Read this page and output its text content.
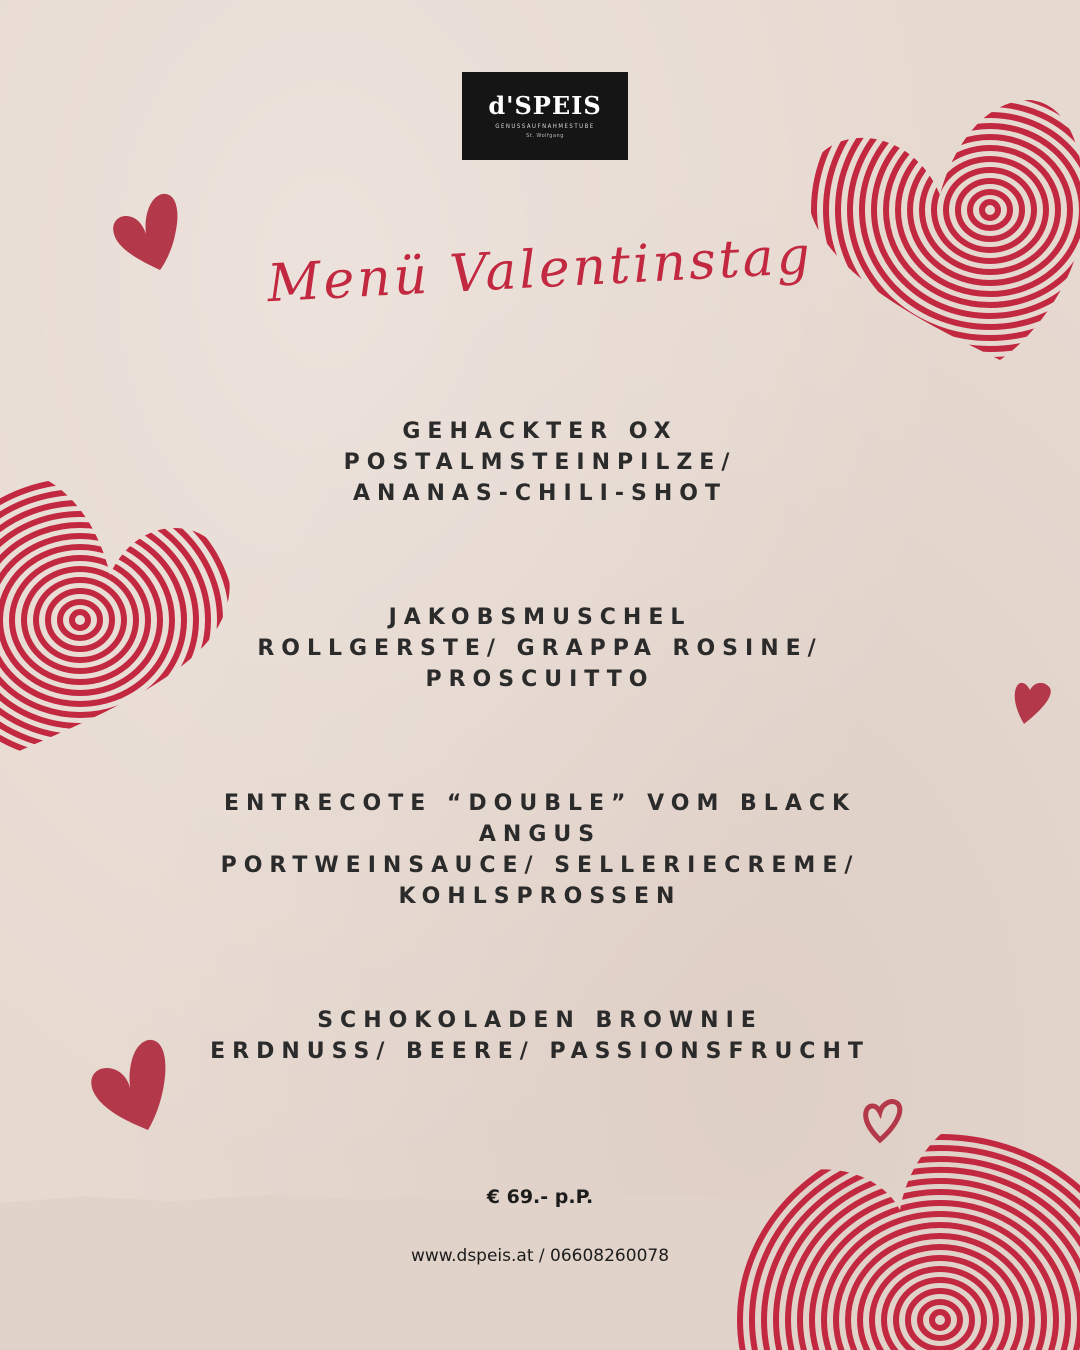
d'SPEIS
GENUSSAUFNAHMESTUBE
St. Wolfgang
Menü Valentinstag
GEHACKTER OX
POSTALMSTEINPILZE/
ANANAS-CHILI-SHOT
JAKOBSMUSCHEL
ROLLGERSTE/ GRAPPA ROSINE/
PROSCUITTO
ENTRECOTE “DOUBLE” VOM BLACK
ANGUS
PORTWEINSAUCE/ SELLERIECREME/
KOHLSPROSSEN
SCHOKOLADEN BROWNIE
ERDNUSS/ BEERE/ PASSIONSFRUCHT
€ 69.- p.P.
www.dspeis.at / 06608260078
